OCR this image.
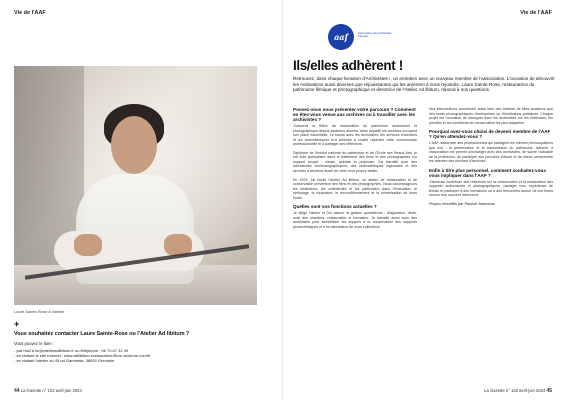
Vie de l'AAF
Laure Sainte-Rose à l'atelier
+
Vous souhaitez contacter Laure Sainte-Rose ou l'Atelier Ad libitum ?
Vous pouvez le faire :
- par mail à lsr@atelieradlibitum.fr ou téléphone : 06 70 67 32 49
- en visitant le site Internet : www.adlibitum-restauration-films-vecteurs.com/fr
- en visitant l'atelier au 45 bd Gambetta, 38000 Grenoble
44 La Gazette n° 102 avril-juin 2024
Vie de l'AAF
aaf	Association des archivistes français
Ils/elles adhèrent !

Retrouvez, dans chaque livraison d'Archivistes !, un entretien avec un nouveau membre de l'association. L'occasion de découvrir les motivations aussi diverses que réjouissantes qui les amènent à nous rejoindre. Laure Sainte-Rose, restauratrice du patrimoine filmique et photographique et directrice de l'Atelier Ad libitum, répond à nos questions.

Pouvez-vous nous présenter votre parcours ? Comment en êtes-vous venue aux archives ou à travailler avec les archivistes ?

J'observe la filière de restauration du patrimoine audiovisuel et photographique depuis plusieurs années, dans laquelle les archives occupent une place essentielle. Le travail avec les archivistes, les services d'archives et les cinémathèques m'a amenée à vouloir rejoindre cette communauté professionnelle et à partager ses réflexions.

Diplômée de l'Institut national du patrimoine et de l'École des Beaux-Arts, je me suis spécialisée dans le traitement des films et des photographies sur support souple : nitrate, acétate et polyester. J'ai travaillé pour des laboratoires cinématographiques, des cinémathèques régionales et des services d'archives avant de créer mon propre atelier.

En 2021, j'ai fondé l'Atelier Ad libitum, un atelier de restauration et de conservation préventive des films et des photographies. Nous accompagnons les institutions, les collectivités et les particuliers dans l'évaluation, le nettoyage, la réparation, le reconditionnement et la numérisation de leurs fonds.

Quelles sont vos fonctions actuelles ?

Je dirige l'atelier et j'en assure la gestion quotidienne : diagnostics, devis, suivi des chantiers, restauration et formation. Je travaille aussi avec des archivistes pour sensibiliser les équipes à la conservation des supports photochimiques et à la valorisation de leurs collections.

Nos interventions concernent aussi bien des bobines de films amateurs que des fonds photographiques d'entreprises ou d'institutions publiques. Chaque projet est l'occasion de dialoguer avec les archivistes sur les méthodes, les priorités et les conditions de conservation les plus adaptées.

Pourquoi avez-vous choisi de devenir membre de l'AAF ? Qu'en attendez-vous ?

L'AAF rassemble des professionnels qui partagent les mêmes préoccupations que moi : la préservation et la transmission du patrimoine. Adhérer à l'association me permet d'échanger avec des archivistes, de suivre l'actualité de la profession, de participer aux journées d'étude et de mieux comprendre les attentes des services d'archives.

Enfin à titre plus personnel, comment souhaitez-vous vous impliquer dans l'AAF ?

J'aimerais contribuer aux réflexions sur la conservation et la restauration des supports audiovisuels et photographiques, partager mon expérience de terrain et participer à des formations ou à des rencontres autour de ces fonds encore trop souvent méconnus.

Propos recueillis par Pauline Jeanneau

La Gazette n° 102 avril-juin 2024 45
